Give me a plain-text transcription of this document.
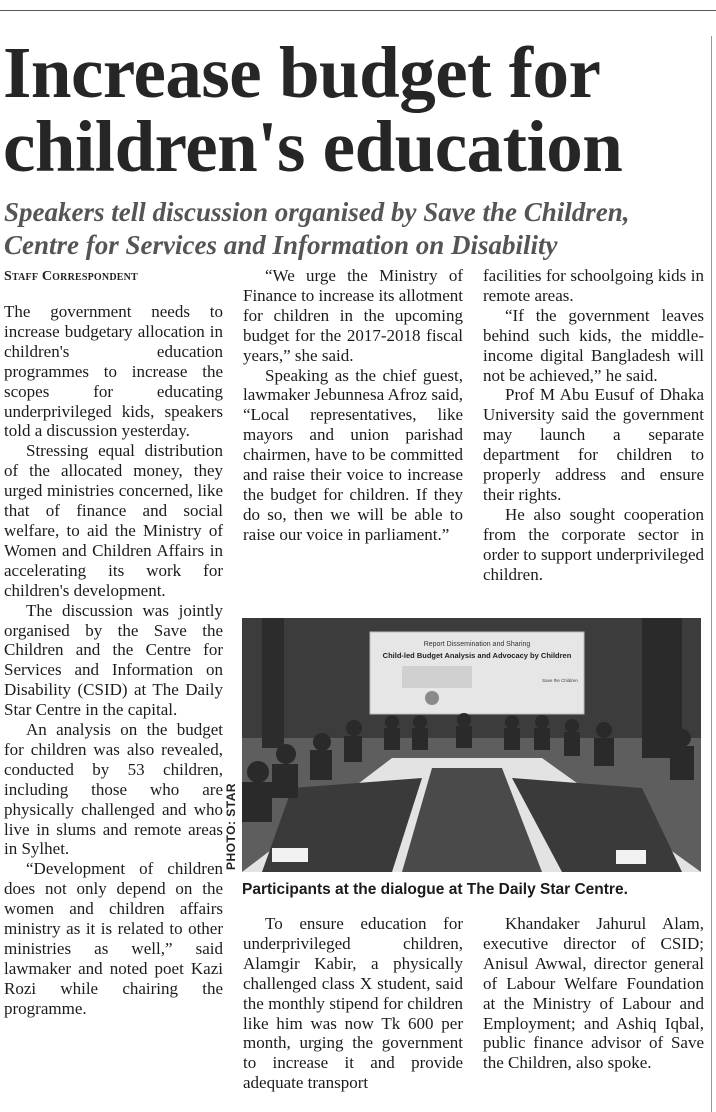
Increase budget for children's education
Speakers tell discussion organised by Save the Children, Centre for Services and Information on Disability
Staff Correspondent

The government needs to increase budgetary allocation in children's education programmes to increase the scopes for educating underprivileged kids, speakers told a discussion yesterday.

Stressing equal distribution of the allocated money, they urged ministries concerned, like that of finance and social welfare, to aid the Ministry of Women and Children Affairs in accelerating its work for children's development.

The discussion was jointly organised by the Save the Children and the Centre for Services and Information on Disability (CSID) at The Daily Star Centre in the capital.

An analysis on the budget for children was also revealed, conducted by 53 children, including those who are physically challenged and who live in slums and remote areas in Sylhet.

“Development of children does not only depend on the women and children affairs ministry as it is related to other ministries as well,” said lawmaker and noted poet Kazi Rozi while chairing the programme.

“We urge the Ministry of Finance to increase its allotment for children in the upcoming budget for the 2017-2018 fiscal years,” she said.

Speaking as the chief guest, lawmaker Jebunnesa Afroz said, “Local representatives, like mayors and union parishad chairmen, have to be committed and raise their voice to increase the budget for children. If they do so, then we will be able to raise our voice in parliament.”

facilities for schoolgoing kids in remote areas.

“If the government leaves behind such kids, the middle-income digital Bangladesh will not be achieved,” he said.

Prof M Abu Eusuf of Dhaka University said the government may launch a separate department for children to properly address and ensure their rights.

He also sought cooperation from the corporate sector in order to support underprivileged children.

Report Dissemination and Sharing
Child-led Budget Analysis and Advocacy by Children
Save the Children
PHOTO: STAR
Participants at the dialogue at The Daily Star Centre.

To ensure education for underprivileged children, Alamgir Kabir, a physically challenged class X student, said the monthly stipend for children like him was now Tk 600 per month, urging the government to increase it and provide adequate transport

Khandaker Jahurul Alam, executive director of CSID; Anisul Awwal, director general of Labour Welfare Foundation at the Ministry of Labour and Employment; and Ashiq Iqbal, public finance advisor of Save the Children, also spoke.
